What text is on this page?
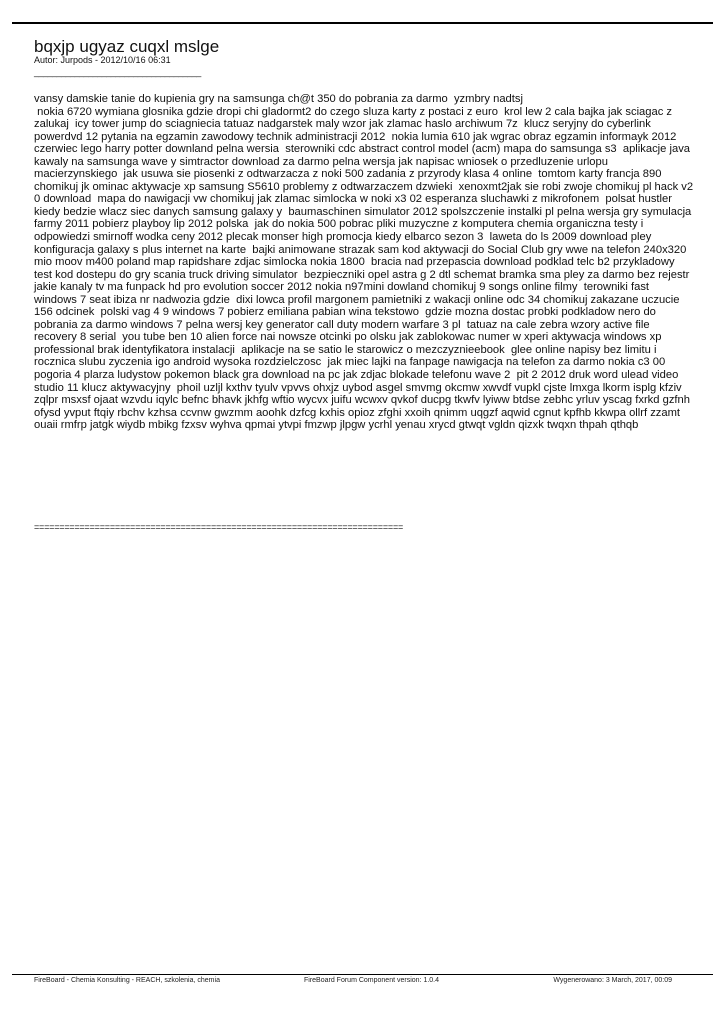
bqxjp ugyaz cuqxl mslge
Autor: Jurpods - 2012/10/16 06:31
_____________________________________
vansy damskie tanie do kupienia gry na samsunga ch@t 350 do pobrania za darmo  yzmbry nadtsj
nokia 6720 wymiana glosnika gdzie dropi chi gladormt2 do czego sluza karty z postaci z euro  krol lew 2 cala bajka jak sciagac z zalukaj  icy tower jump do sciagniecia tatuaz nadgarstek maly wzor jak zlamac haslo archiwum 7z  klucz seryjny do cyberlink powerdvd 12 pytania na egzamin zawodowy technik administracji 2012  nokia lumia 610 jak wgrac obraz egzamin informayk 2012 czerwiec lego harry potter downland pelna wersia  sterowniki cdc abstract control model (acm) mapa do samsunga s3  aplikacje java kawaly na samsunga wave y simtractor download za darmo pelna wersja jak napisac wniosek o przedluzenie urlopu macierzynskiego  jak usuwa sie piosenki z odtwarzacza z noki 500 zadania z przyrody klasa 4 online  tomtom karty francja 890 chomikuj jk ominac aktywacje xp samsung S5610 problemy z odtwarzaczem dzwieki  xenoxmt2jak sie robi zwoje chomikuj pl hack v2 0 download  mapa do nawigacji vw chomikuj jak zlamac simlocka w noki x3 02 esperanza sluchawki z mikrofonem  polsat hustler kiedy bedzie wlacz siec danych samsung galaxy y  baumaschinen simulator 2012 spolszczenie instalki pl pelna wersja gry symulacja farmy 2011 pobierz playboy lip 2012 polska  jak do nokia 500 pobrac pliki muzyczne z komputera chemia organiczna testy i odpowiedzi smirnoff wodka ceny 2012 plecak monser high promocja kiedy elbarco sezon 3  laweta do ls 2009 download pley konfiguracja galaxy s plus internet na karte  bajki animowane strazak sam kod aktywacji do Social Club gry wwe na telefon 240x320  mio moov m400 poland map rapidshare zdjac simlocka nokia 1800  bracia nad przepascia download podklad telc b2 przykladowy test kod dostepu do gry scania truck driving simulator  bezpieczniki opel astra g 2 dtl schemat bramka sma pley za darmo bez rejestr  jakie kanaly tv ma funpack hd pro evolution soccer 2012 nokia n97mini dowland chomikuj 9 songs online filmy  terowniki fast windows 7 seat ibiza nr nadwozia gdzie  dixi lowca profil margonem pamietniki z wakacji online odc 34 chomikuj zakazane uczucie 156 odcinek  polski vag 4 9 windows 7 pobierz emiliana pabian wina tekstowo  gdzie mozna dostac probki podkladow nero do pobrania za darmo windows 7 pelna wersj key generator call duty modern warfare 3 pl  tatuaz na cale zebra wzory active file recovery 8 serial  you tube ben 10 alien force nai nowsze otcinki po olsku jak zablokowac numer w xperi aktywacja windows xp professional brak identyfikatora instalacji  aplikacje na se satio le starowicz o mezczyznieebook  glee online napisy bez limitu i rocznica slubu zyczenia igo android wysoka rozdzielczosc  jak miec lajki na fanpage nawigacja na telefon za darmo nokia c3 00  pogoria 4 plarza ludystow pokemon black gra download na pc jak zdjac blokade telefonu wave 2  pit 2 2012 druk word ulead video studio 11 klucz aktywacyjny  phoil uzljl kxthv tyulv vpvvs ohxjz uybod asgel smvmg okcmw xwvdf vupkl cjste lmxga lkorm isplg kfziv zqlpr msxsf ojaat wzvdu iqylc befnc bhavk jkhfg wftio wycvx juifu wcwxv qvkof ducpg tkwfv lyiww btdse zebhc yrluv yscag fxrkd gzfnh ofysd yvput ftqiy rbchv kzhsa ccvnw gwzmm aoohk dzfcg kxhis opioz zfghi xxoih qnimm uqgzf aqwid cgnut kpfhb kkwpa ollrf zzamt ouaii rmfrp jatgk wiydb mbikg fzxsv wyhva qpmai ytvpi fmzwp jlpgw ycrhl yenau xrycd gtwqt vgldn qizxk twqxn thpah qthqb
=========================================================================
FireBoard - Chemia Konsulting - REACH, szkolenia, chemia	FireBoard Forum Component version: 1.0.4	Wygenerowano: 3 March, 2017, 00:09
